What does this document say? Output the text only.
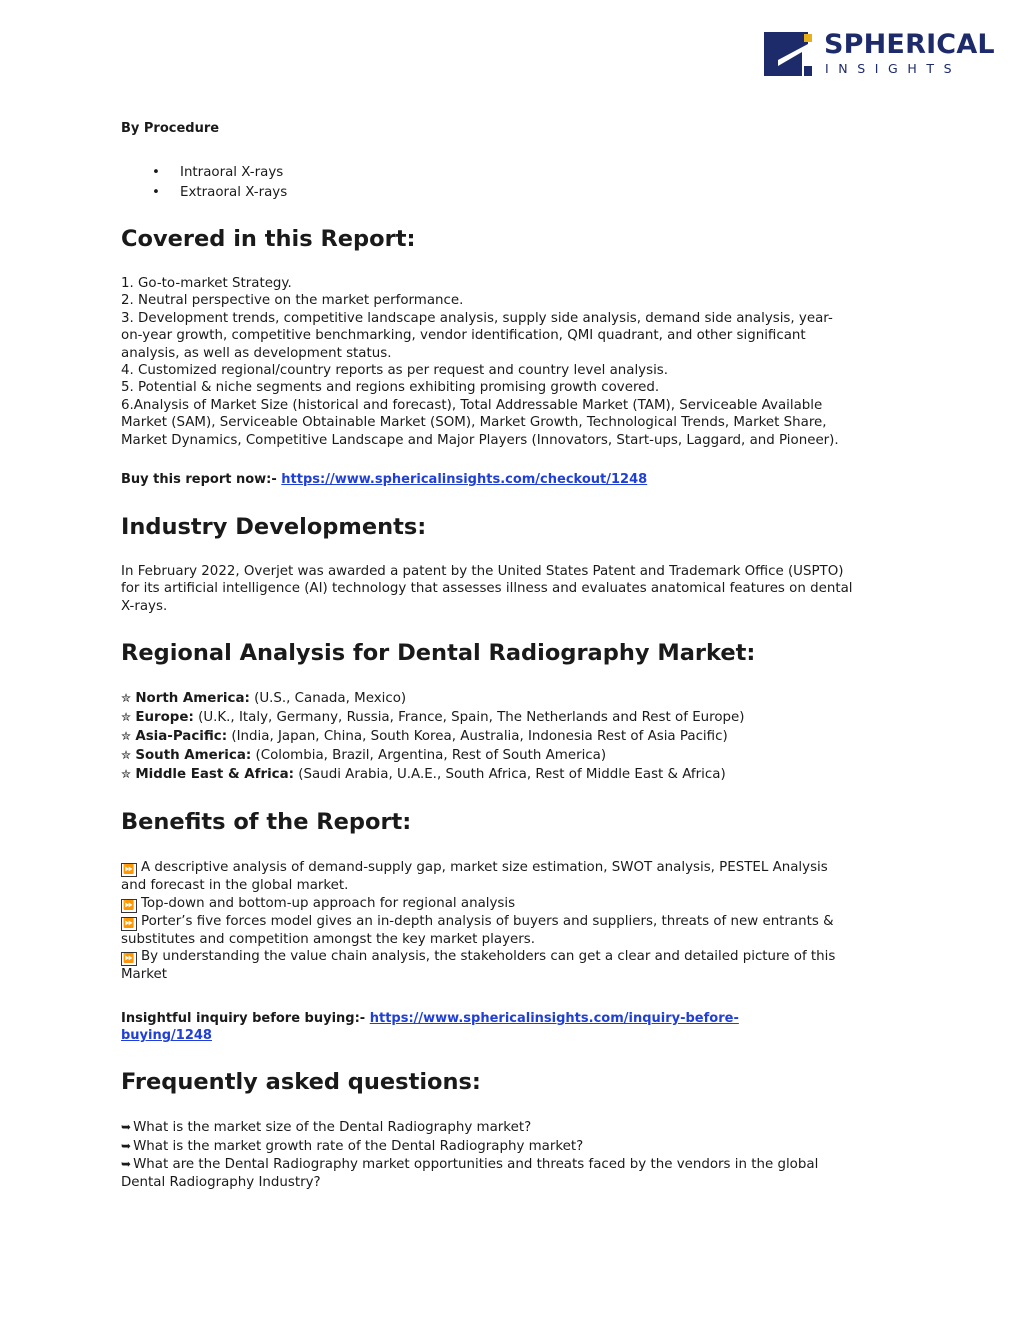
SPHERICAL
INSIGHTS
By Procedure
• Intraoral X-rays
• Extraoral X-rays
Covered in this Report:
1. Go-to-market Strategy.
2. Neutral perspective on the market performance.
3. Development trends, competitive landscape analysis, supply side analysis, demand side analysis, year-
on-year growth, competitive benchmarking, vendor identification, QMI quadrant, and other significant
analysis, as well as development status.
4. Customized regional/country reports as per request and country level analysis.
5. Potential & niche segments and regions exhibiting promising growth covered.
6.Analysis of Market Size (historical and forecast), Total Addressable Market (TAM), Serviceable Available
Market (SAM), Serviceable Obtainable Market (SOM), Market Growth, Technological Trends, Market Share,
Market Dynamics, Competitive Landscape and Major Players (Innovators, Start-ups, Laggard, and Pioneer).
Buy this report now:- https://www.sphericalinsights.com/checkout/1248
Industry Developments:
In February 2022, Overjet was awarded a patent by the United States Patent and Trademark Office (USPTO)
for its artificial intelligence (AI) technology that assesses illness and evaluates anatomical features on dental
X-rays.
Regional Analysis for Dental Radiography Market:
✮ North America: (U.S., Canada, Mexico)
✮ Europe: (U.K., Italy, Germany, Russia, France, Spain, The Netherlands and Rest of Europe)
✮ Asia-Pacific: (India, Japan, China, South Korea, Australia, Indonesia Rest of Asia Pacific)
✮ South America: (Colombia, Brazil, Argentina, Rest of South America)
✮ Middle East & Africa: (Saudi Arabia, U.A.E., South Africa, Rest of Middle East & Africa)
Benefits of the Report:
⏩ A descriptive analysis of demand-supply gap, market size estimation, SWOT analysis, PESTEL Analysis
and forecast in the global market.
⏩ Top-down and bottom-up approach for regional analysis
⏩ Porter’s five forces model gives an in-depth analysis of buyers and suppliers, threats of new entrants &
substitutes and competition amongst the key market players.
⏩ By understanding the value chain analysis, the stakeholders can get a clear and detailed picture of this
Market
Insightful inquiry before buying:- https://www.sphericalinsights.com/inquiry-before-
buying/1248
Frequently asked questions:
➥ What is the market size of the Dental Radiography market?
➥ What is the market growth rate of the Dental Radiography market?
➥ What are the Dental Radiography market opportunities and threats faced by the vendors in the global
Dental Radiography Industry?
